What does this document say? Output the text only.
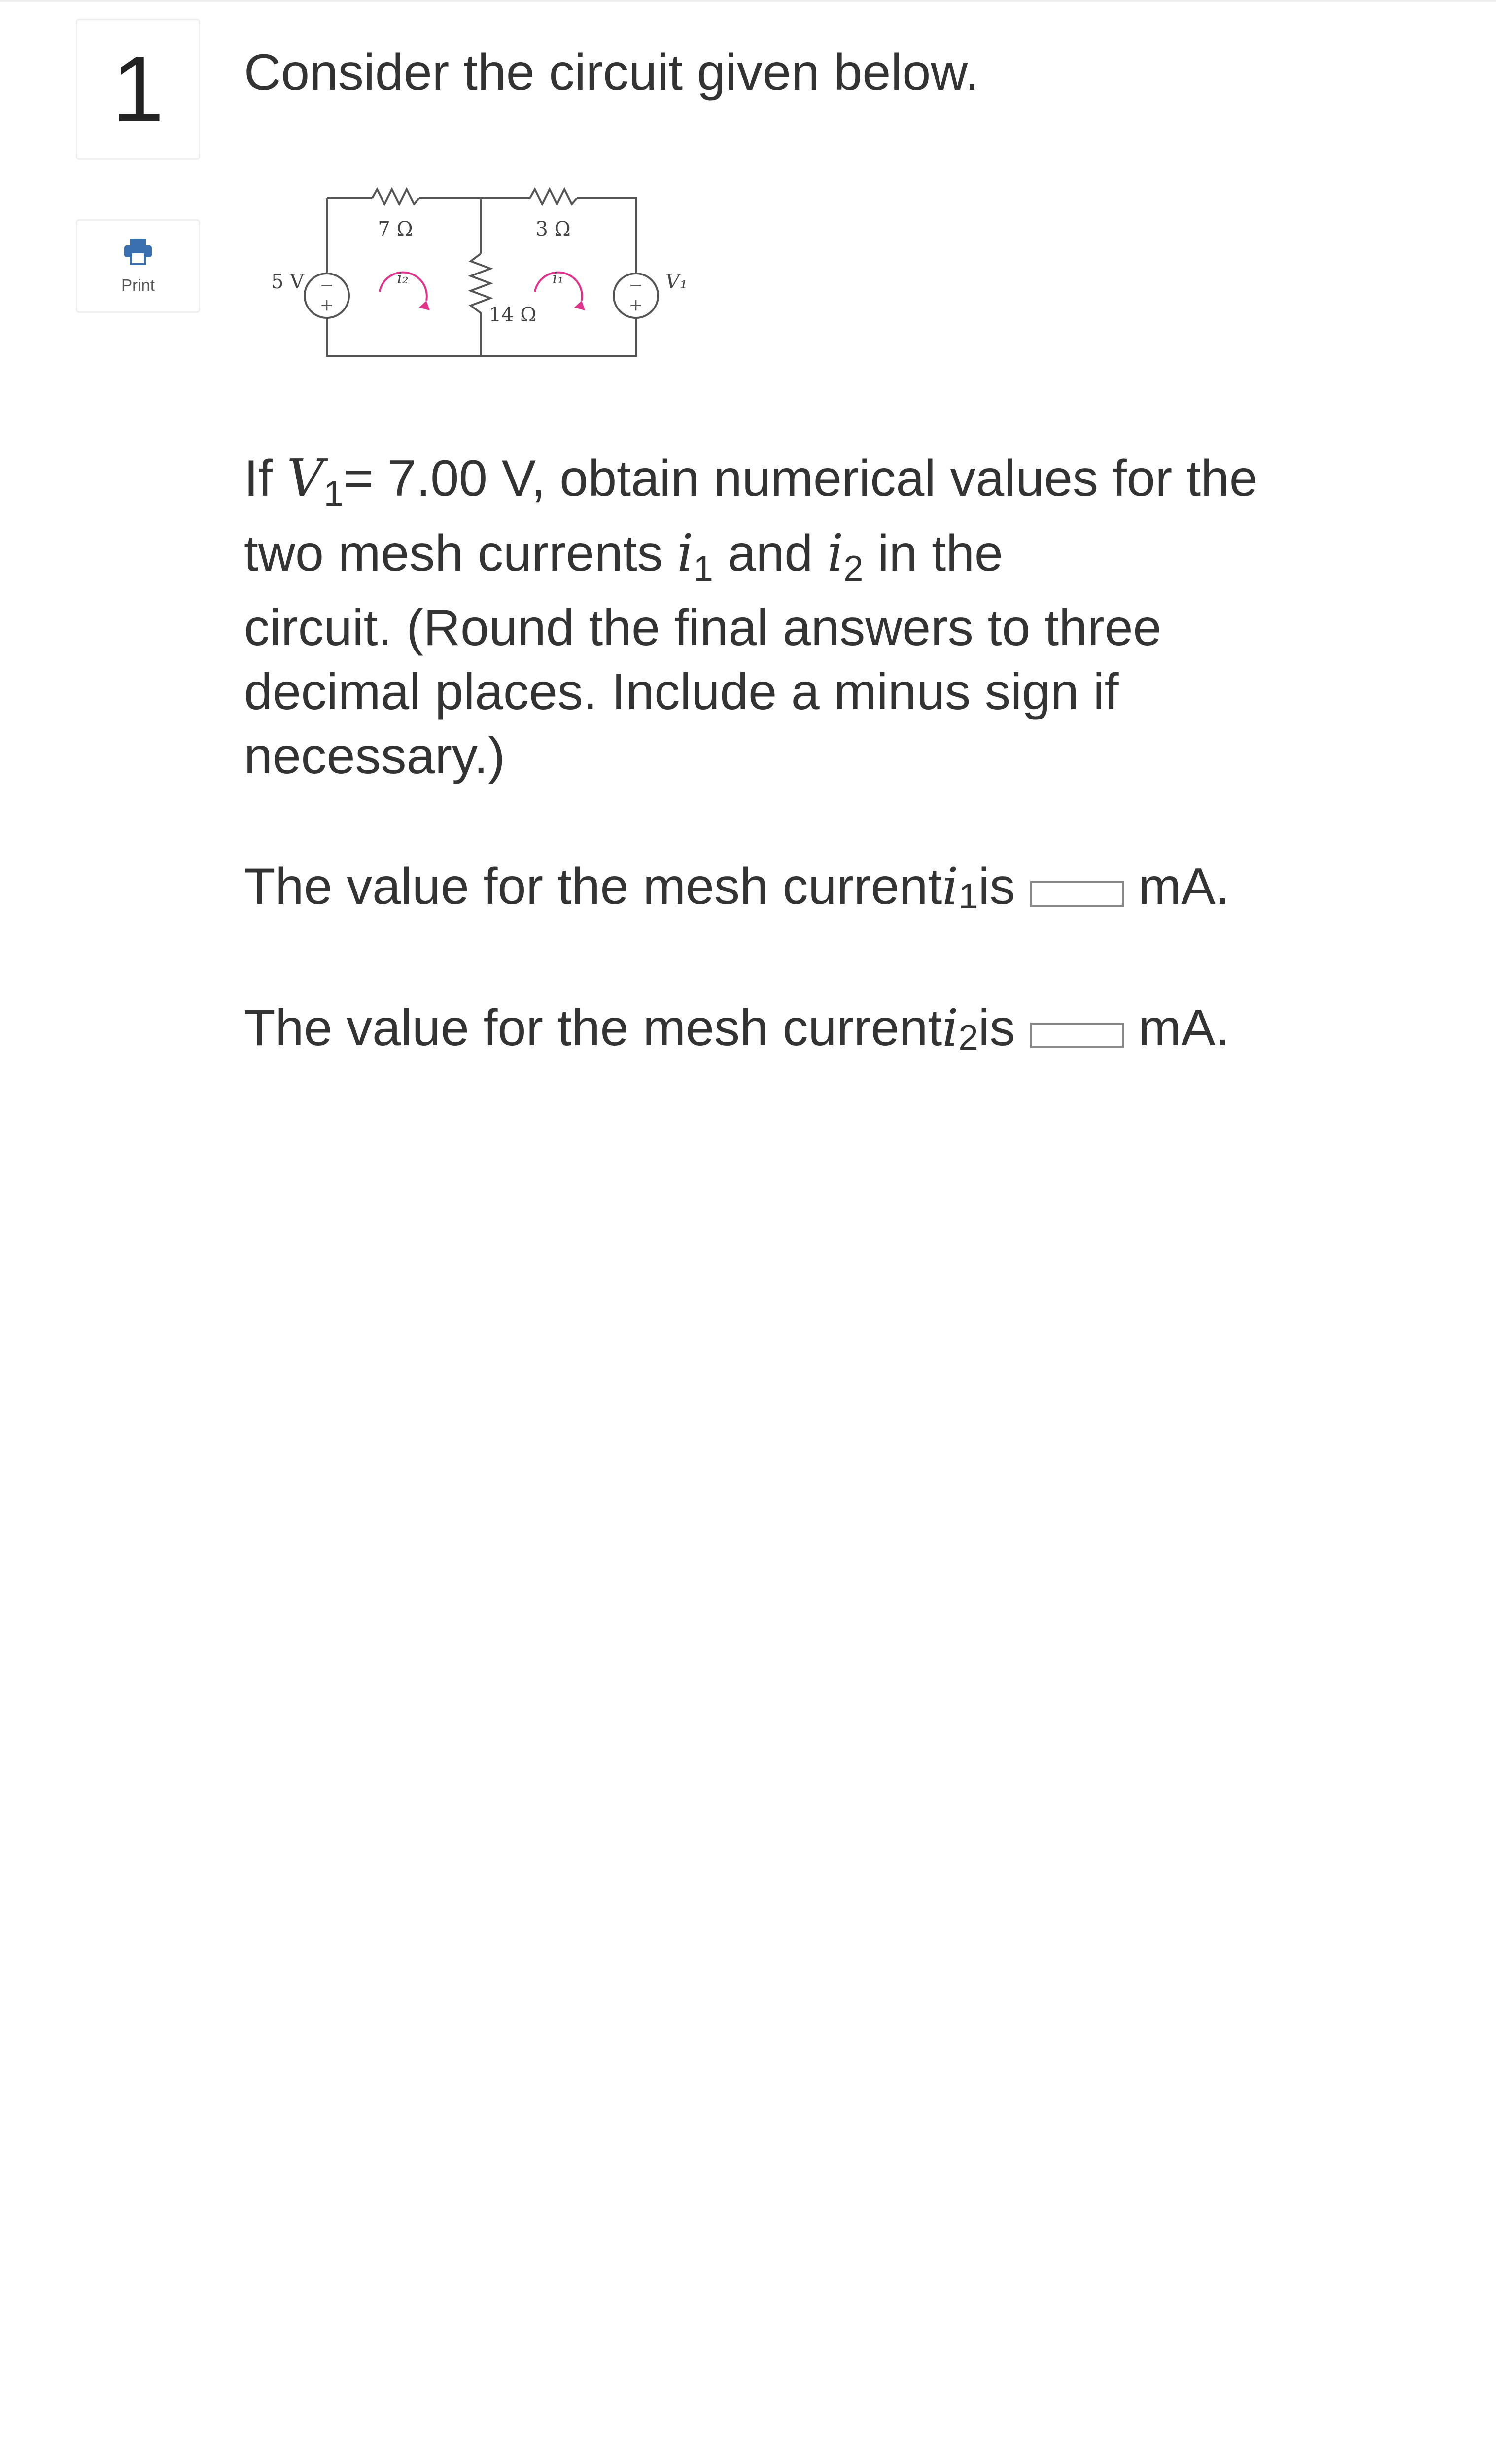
1
Print
Consider the circuit given below.
−
+
−
+
7 Ω	3 Ω
14 Ω
5 V	V₁
i₂	i₁
If V1= 7.00 V, obtain numerical values for the
two mesh currents i1 and i2 in the
circuit. (Round the final answers to three
decimal places. Include a minus sign if
necessary.)
The value for the mesh current i 1 is mA.
The value for the mesh current i 2 is mA.
